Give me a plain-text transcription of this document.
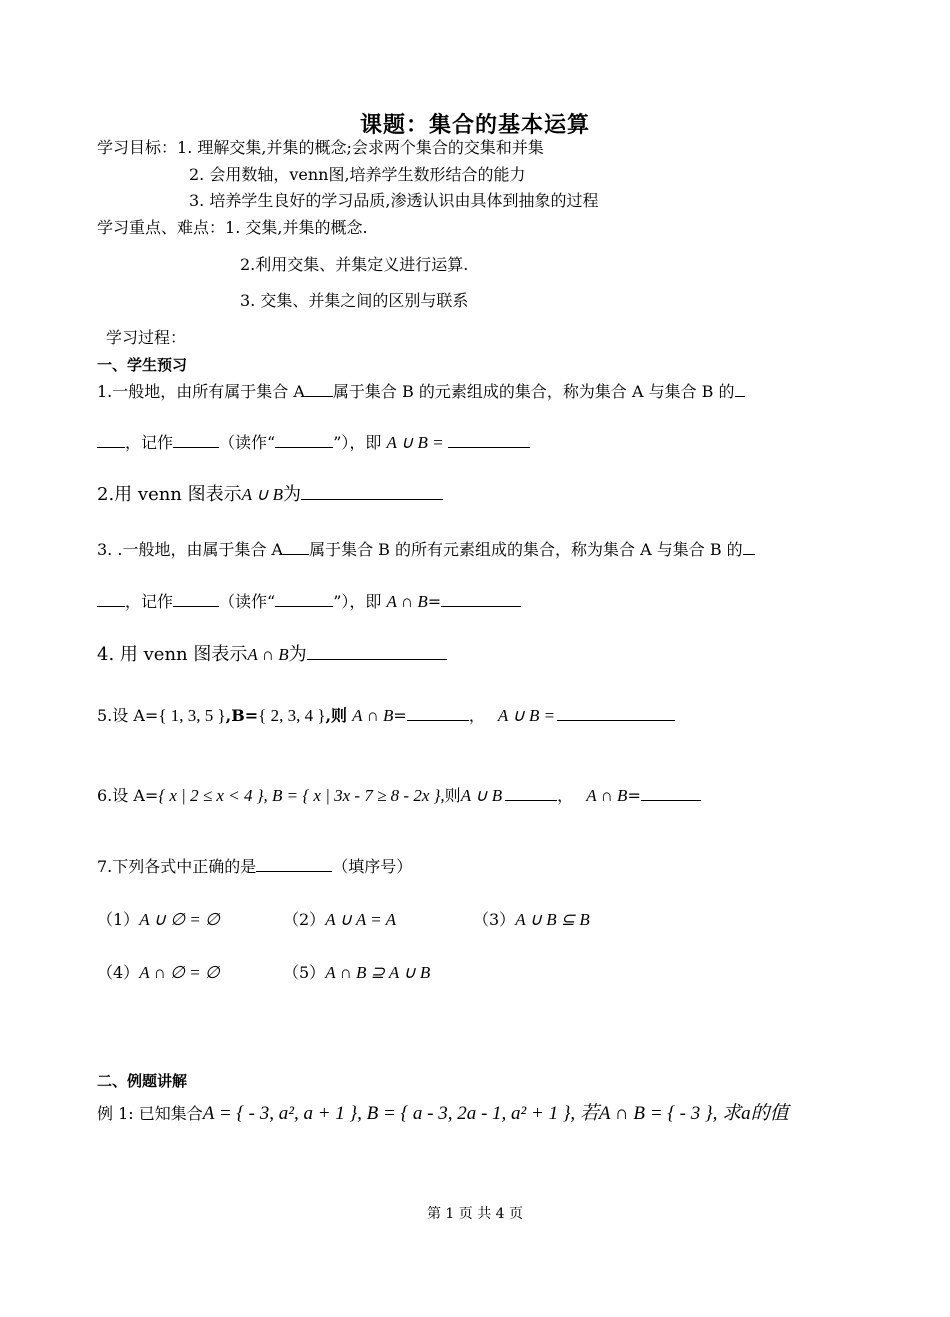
课题：集合的基本运算
学习目标：1. 理解交集,并集的概念;会求两个集合的交集和并集
2. 会用数轴，venn图,培养学生数形结合的能力
3. 培养学生良好的学习品质,渗透认识由具体到抽象的过程
学习重点、难点：1. 交集,并集的概念.
2.利用交集、并集定义进行运算.
3. 交集、并集之间的区别与联系
学习过程：
一、学生预习
1.一般地，由所有属于集合 A 属于集合 B 的元素组成的集合，称为集合 A 与集合 B 的
，记作	（读作“	”），即 A ∪ B =
2.用 venn 图表示A ∪ B为
3. .一般地，由属于集合 A 属于集合 B 的所有元素组成的集合，称为集合 A 与集合 B 的
，记作	（读作“	”），即 A ∩ B=
4. 用 venn 图表示A ∩ B为
5.设 A={ 1, 3, 5 },B={ 2, 3, 4 },则 A ∩ B=	， A ∪ B =
6.设 A={ x | 2 ≤ x < 4 }, B = { x | 3x - 7 ≥ 8 - 2x },则A ∪ B	， A ∩ B=
7.下列各式中正确的是	（填序号）
（1）A ∪ ∅ = ∅	（2）A ∪ A = A	（3）A ∪ B ⊆ B
（4）A ∩ ∅ = ∅	（5）A ∩ B ⊇ A ∪ B
二、例题讲解
例 1: 已知集合A = { - 3, a², a + 1 }, B = { a - 3, 2a - 1, a² + 1 }, 若A ∩ B = { - 3 }, 求a的值
第 1 页 共 4 页
